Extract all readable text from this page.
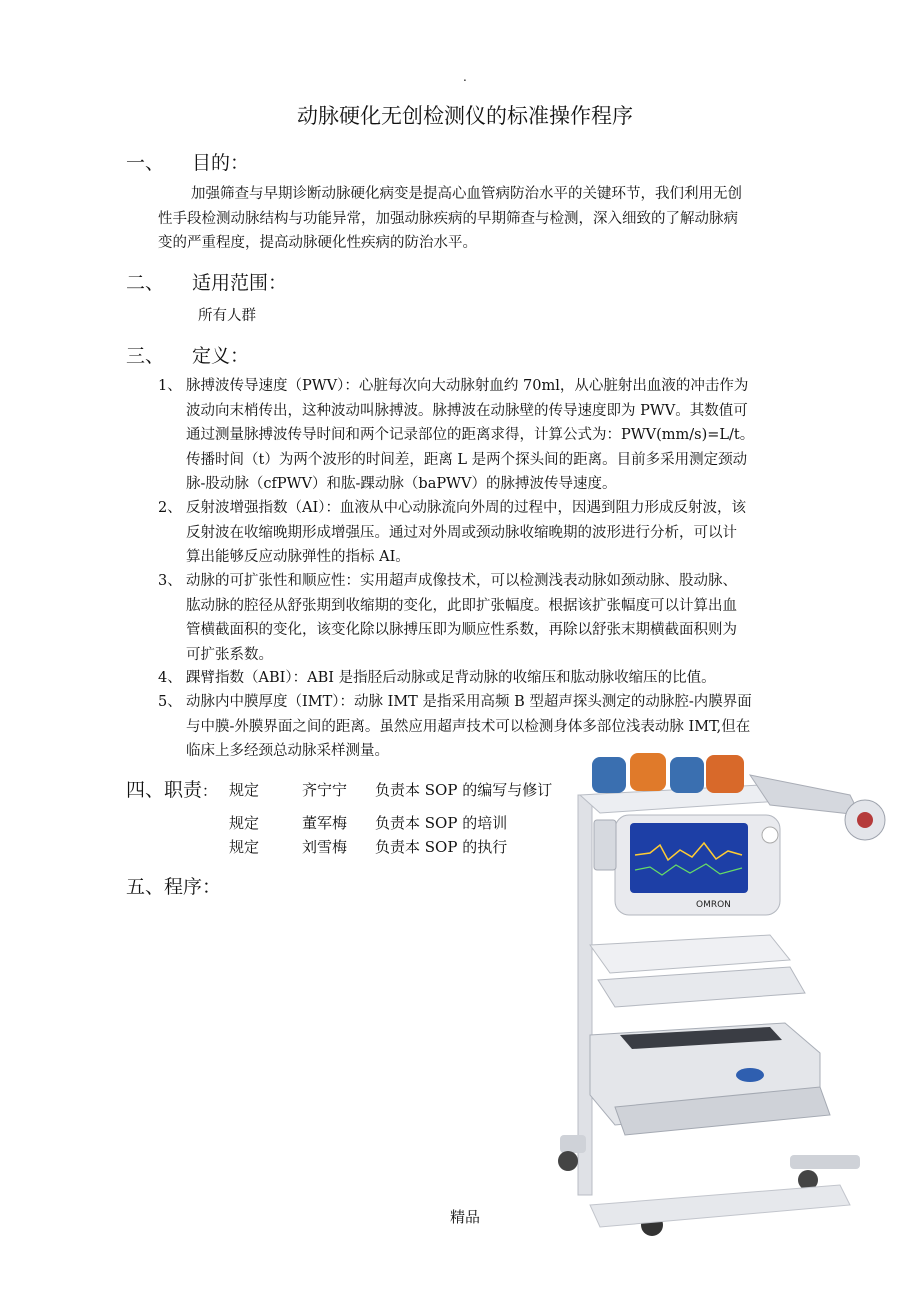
.
动脉硬化无创检测仪的标准操作程序
一、 目的：
加强筛查与早期诊断动脉硬化病变是提高心血管病防治水平的关键环节，我们利用无创
性手段检测动脉结构与功能异常，加强动脉疾病的早期筛查与检测，深入细致的了解动脉病
变的严重程度，提高动脉硬化性疾病的防治水平。
二、 适用范围：
所有人群
三、 定义：
1、 脉搏波传导速度（PWV）：心脏每次向大动脉射血约 70ml，从心脏射出血液的冲击作为
波动向末梢传出，这种波动叫脉搏波。脉搏波在动脉壁的传导速度即为 PWV。其数值可
通过测量脉搏波传导时间和两个记录部位的距离求得，计算公式为：PWV(mm/s)=L/t。
传播时间（t）为两个波形的时间差，距离 L 是两个探头间的距离。目前多采用测定颈动
脉-股动脉（cfPWV）和肱-踝动脉（baPWV）的脉搏波传导速度。
2、 反射波增强指数（AI）：血液从中心动脉流向外周的过程中，因遇到阻力形成反射波，该
反射波在收缩晚期形成增强压。通过对外周或颈动脉收缩晚期的波形进行分析，可以计
算出能够反应动脉弹性的指标 AI。
3、 动脉的可扩张性和顺应性：实用超声成像技术，可以检测浅表动脉如颈动脉、股动脉、
肱动脉的腔径从舒张期到收缩期的变化，此即扩张幅度。根据该扩张幅度可以计算出血
管横截面积的变化，该变化除以脉搏压即为顺应性系数，再除以舒张末期横截面积则为
可扩张系数。
4、 踝臂指数（ABI）：ABI 是指胫后动脉或足背动脉的收缩压和肱动脉收缩压的比值。
5、 动脉内中膜厚度（IMT）：动脉 IMT 是指采用高频 B 型超声探头测定的动脉腔-内膜界面
与中膜-外膜界面之间的距离。虽然应用超声技术可以检测身体多部位浅表动脉 IMT,但在
临床上多经颈总动脉采样测量。
OMRON
四、职责： 规定	齐宁宁 负责本 SOP 的编写与修订
规定	董军梅 负责本 SOP 的培训
规定	刘雪梅 负责本 SOP 的执行
五、程序：
精品
